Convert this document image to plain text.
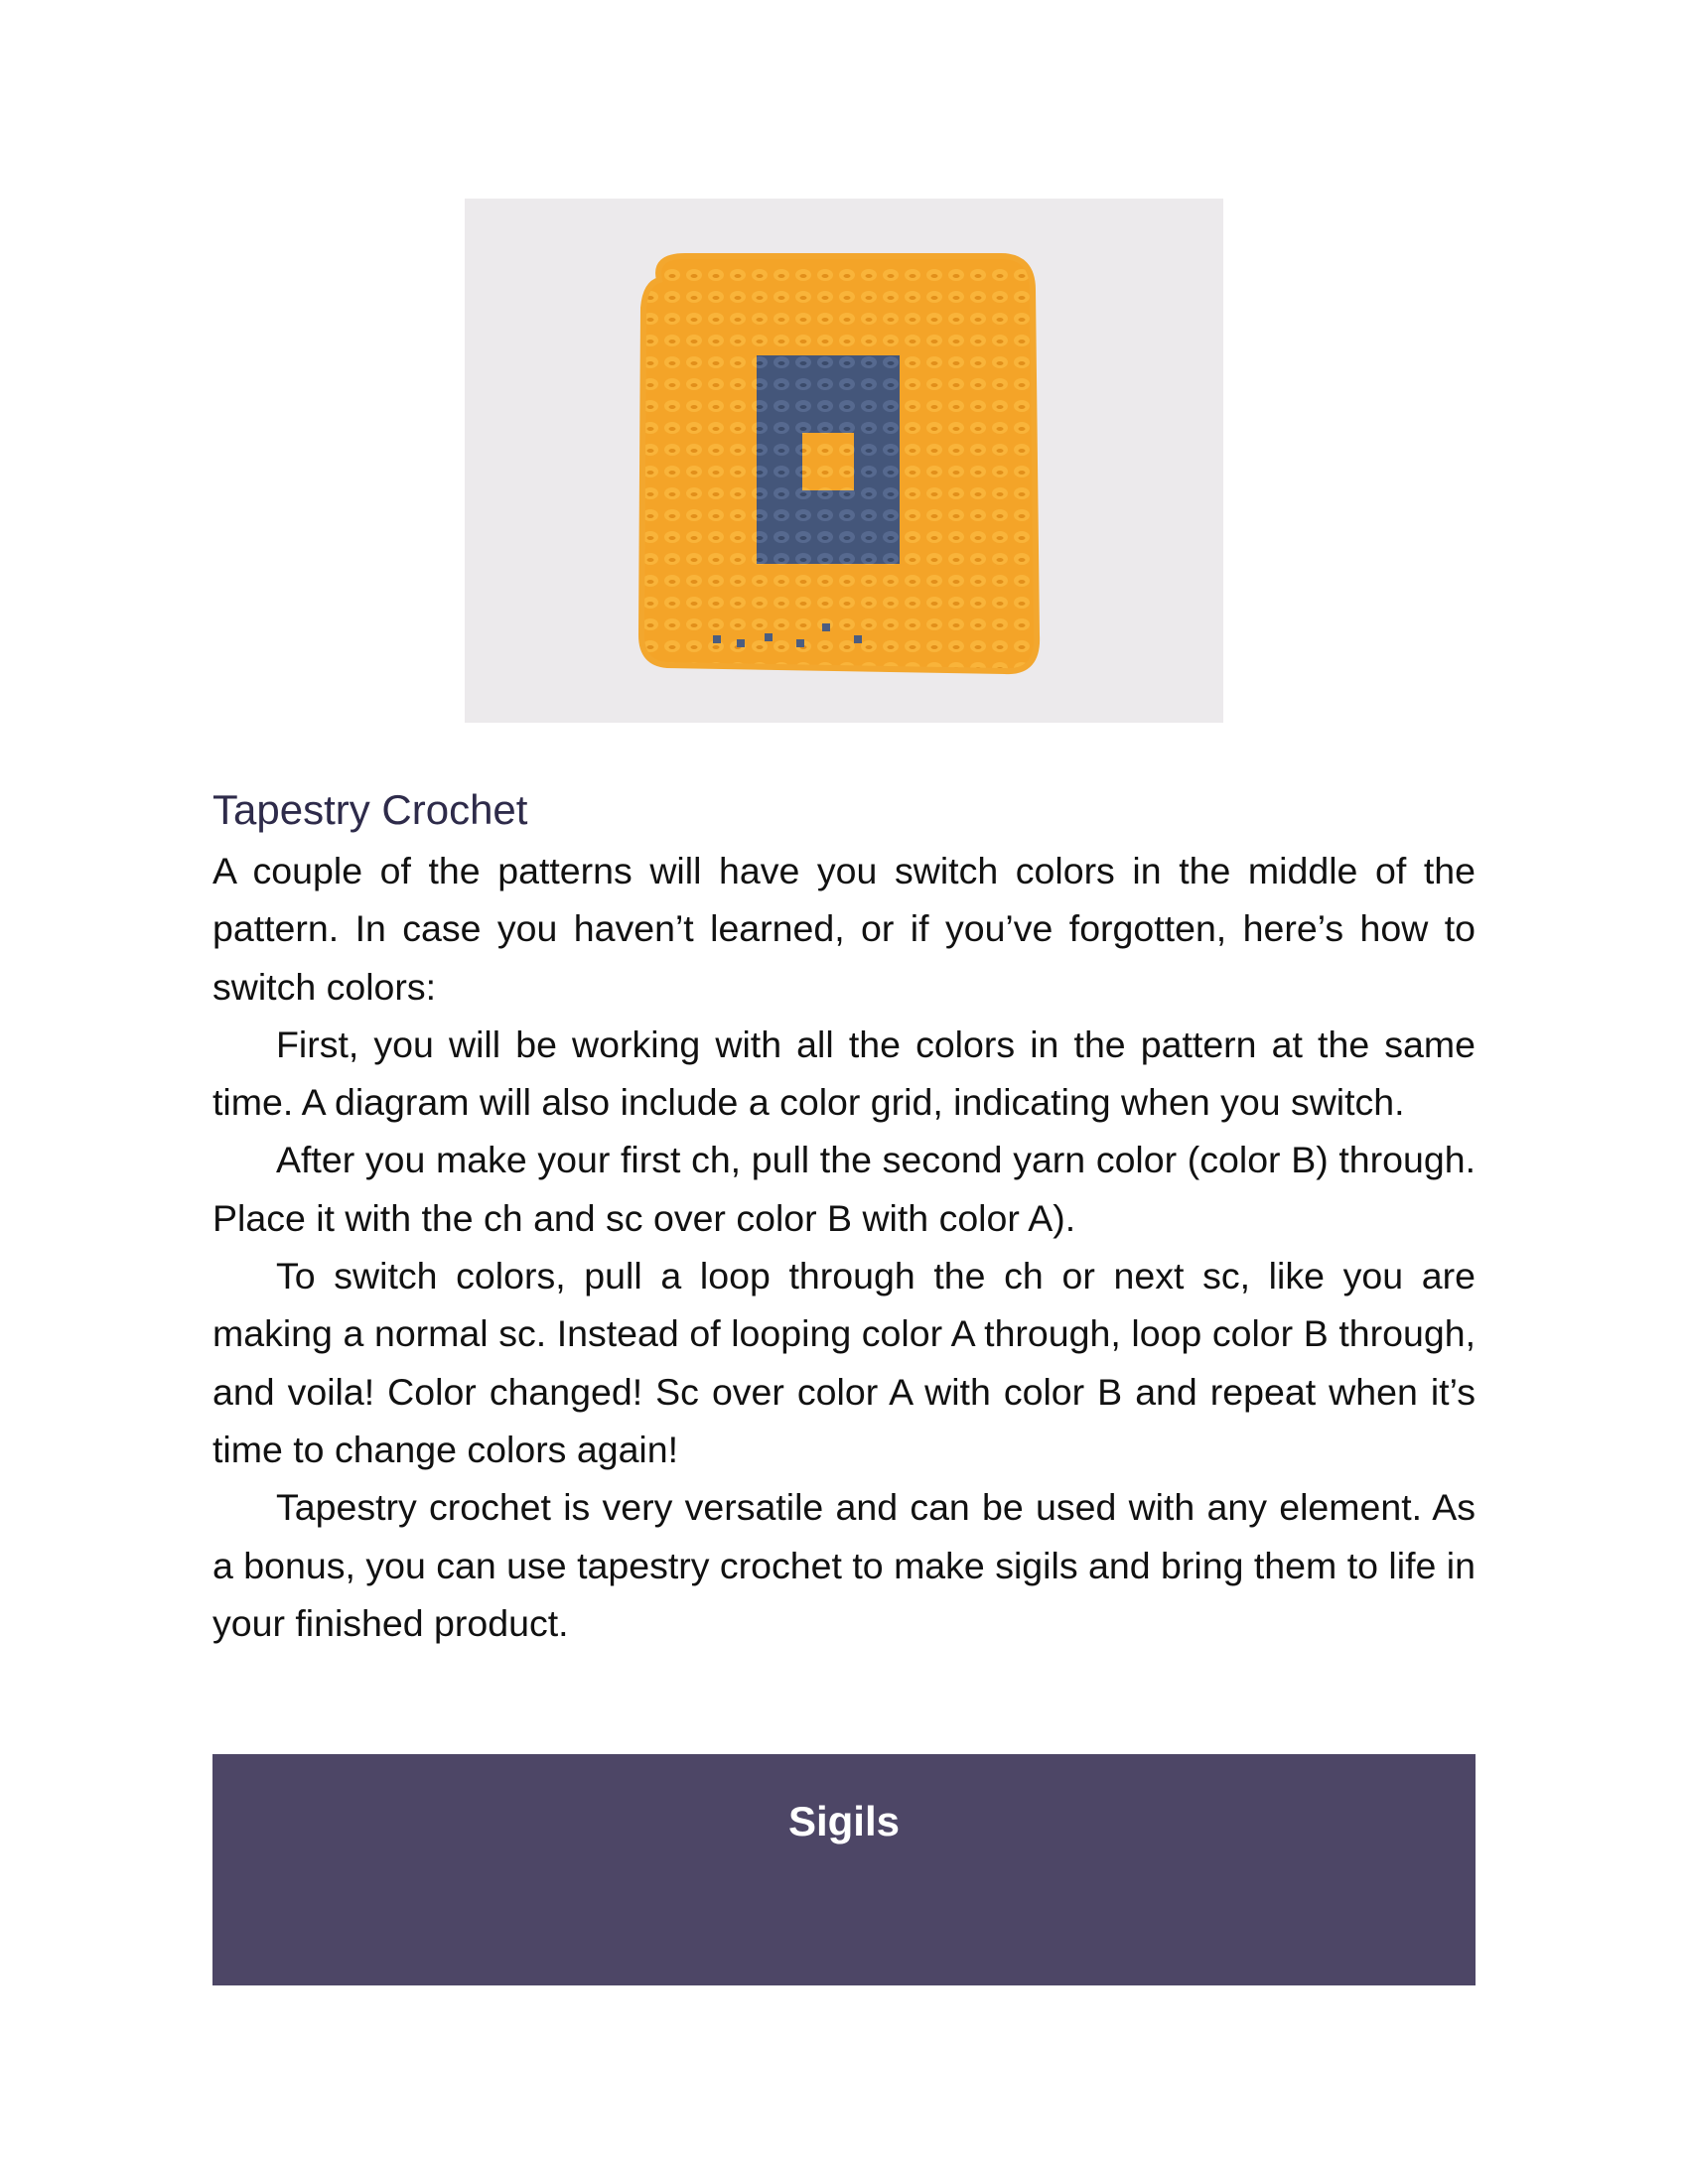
Tapestry Crochet

A couple of the patterns will have you switch colors in the middle of the pattern. In case you haven’t learned, or if you’ve forgotten, here’s how to switch colors:

First, you will be working with all the colors in the pattern at the same time. A diagram will also include a color grid, indicating when you switch.

After you make your first ch, pull the second yarn color (color B) through. Place it with the ch and sc over color B with color A).

To switch colors, pull a loop through the ch or next sc, like you are making a normal sc. Instead of looping color A through, loop color B through, and voila! Color changed! Sc over color A with color B and repeat when it’s time to change colors again!

Tapestry crochet is very versatile and can be used with any element. As a bonus, you can use tapestry crochet to make sigils and bring them to life in your finished product.

Sigils
